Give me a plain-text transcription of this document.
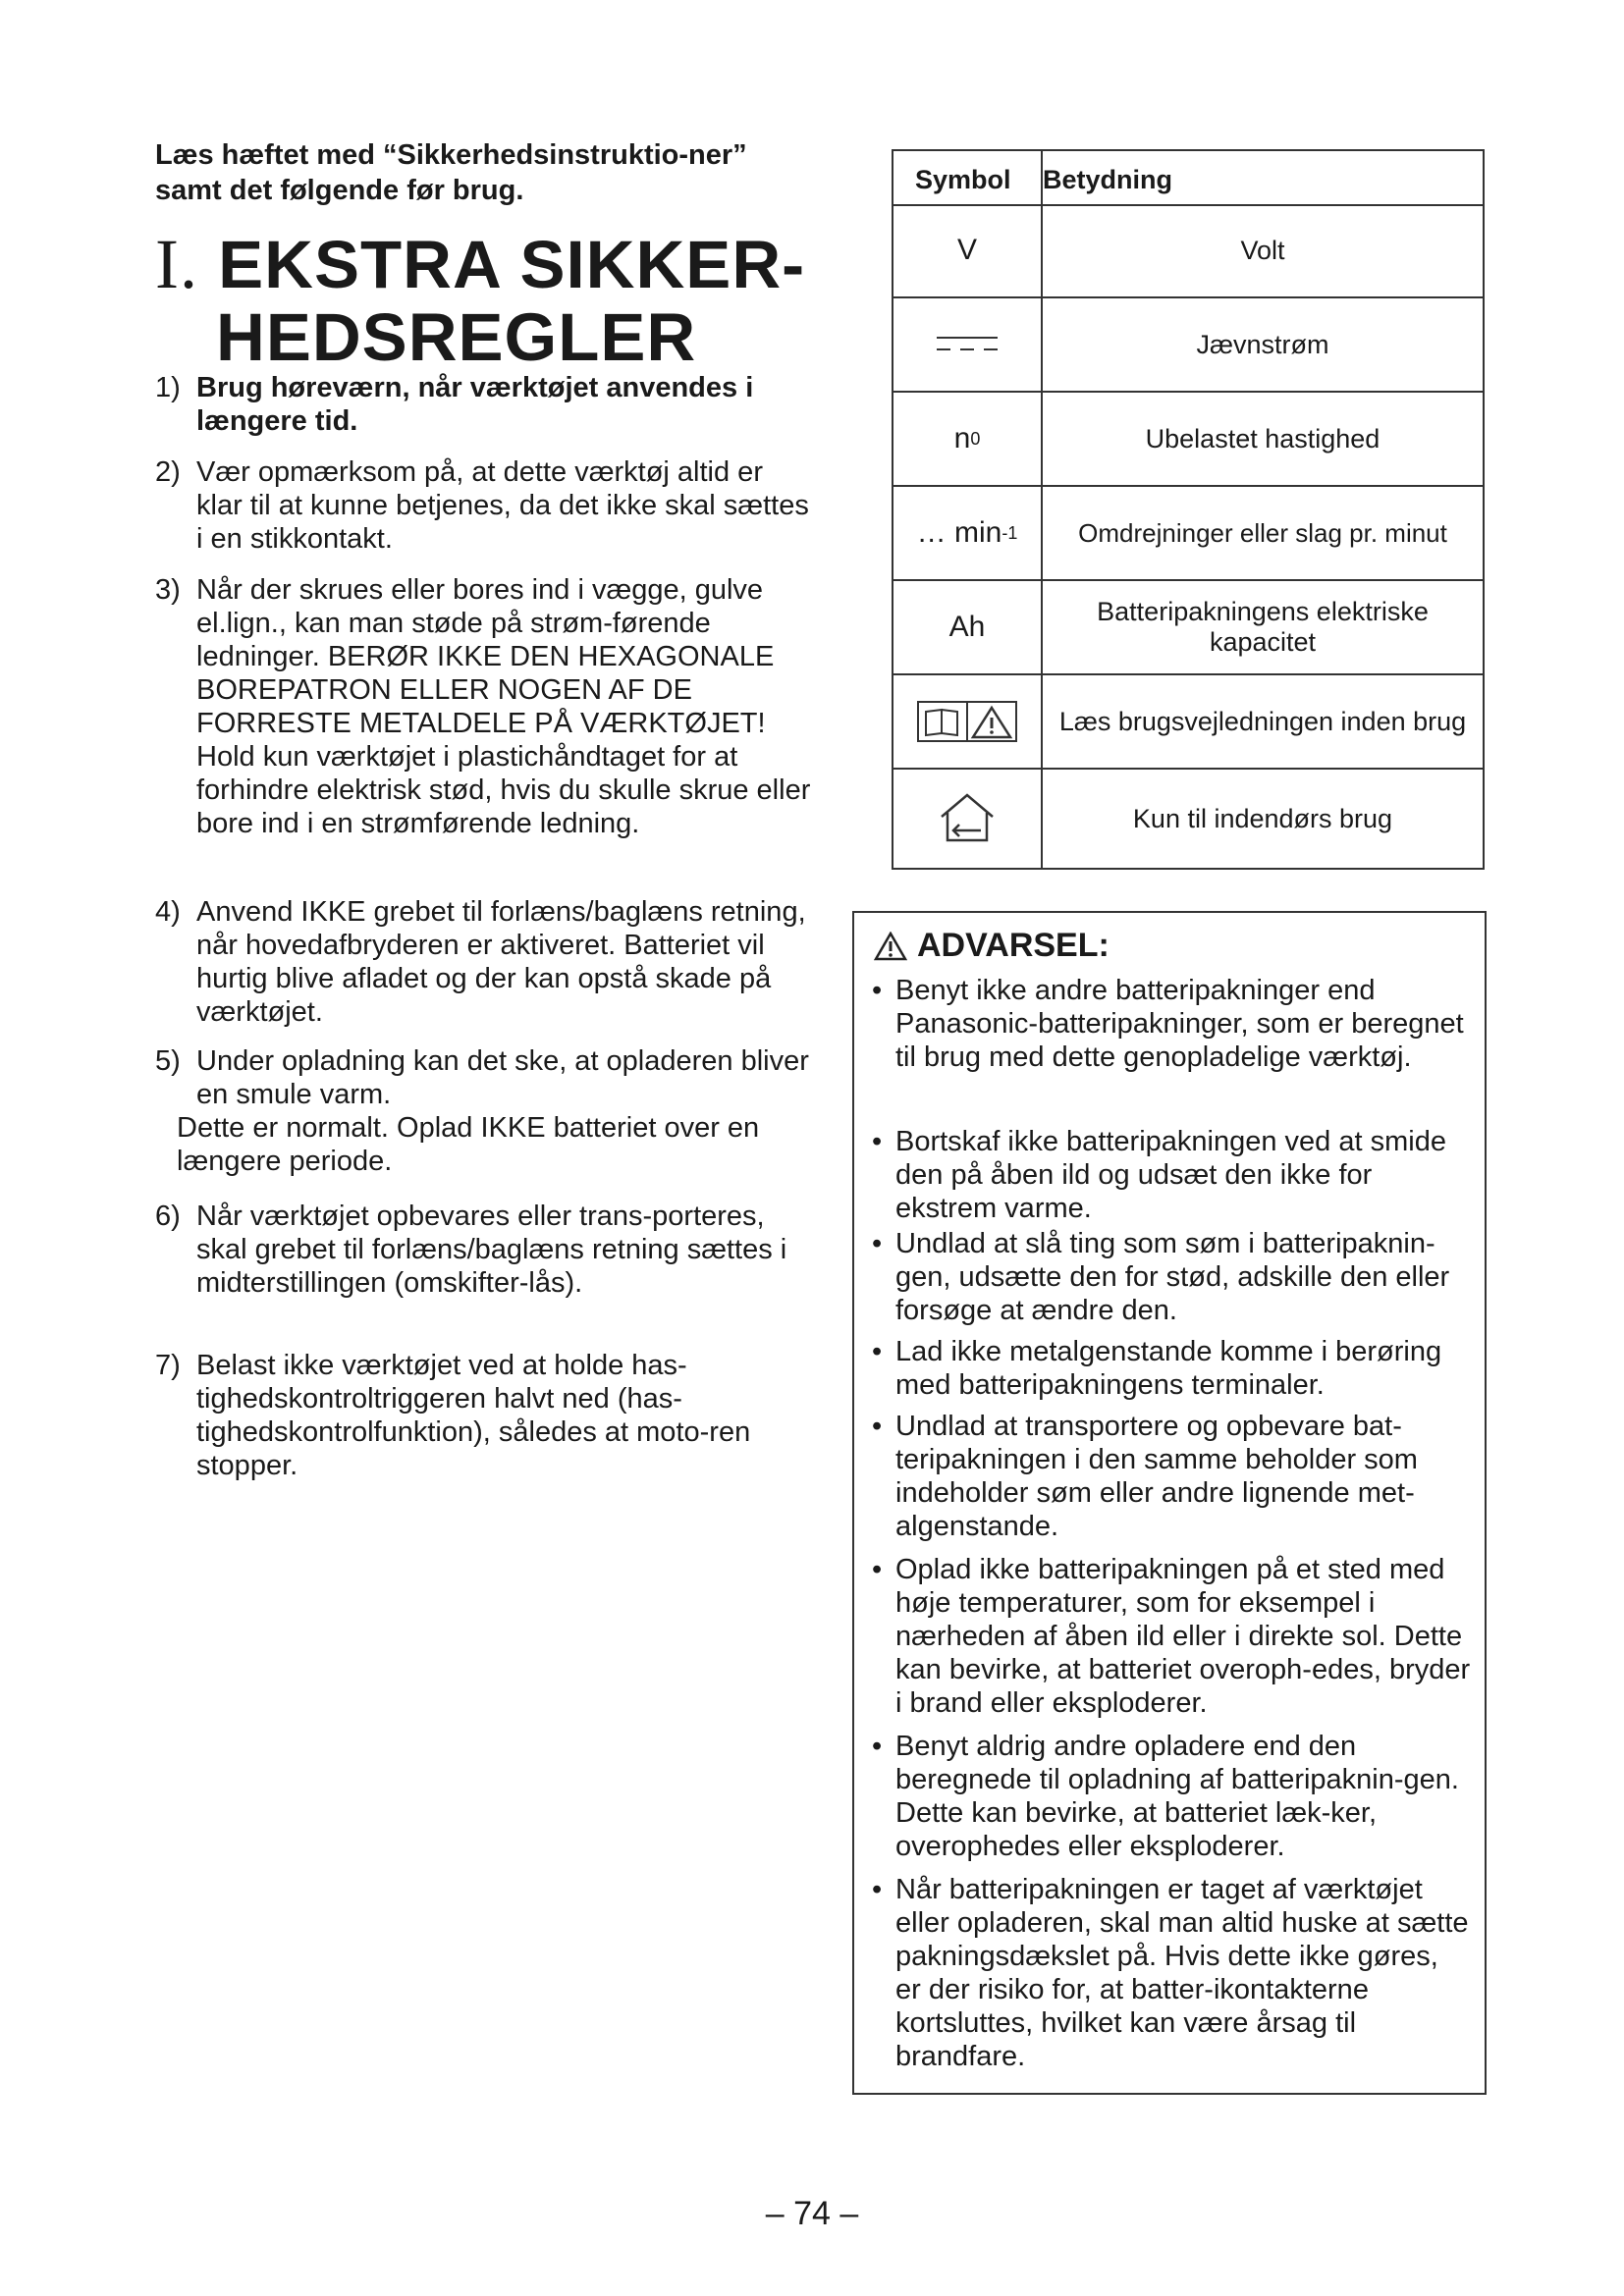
Læs hæftet med “Sikkerhedsinstruktio-ner” samt det følgende før brug.
I. EKSTRA SIKKER-
HEDSREGLER
1) Brug høreværn, når værktøjet anvendes i længere tid.
2) Vær opmærksom på, at dette værktøj altid er klar til at kunne betjenes, da det ikke skal sættes i en stikkontakt.
3) Når der skrues eller bores ind i vægge, gulve el.lign., kan man støde på strøm-førende ledninger. BERØR IKKE DEN HEXAGONALE BOREPATRON ELLER NOGEN AF DE FORRESTE METALDELE PÅ VÆRKTØJET! Hold kun værktøjet i plastichåndtaget for at forhindre elektrisk stød, hvis du skulle skrue eller bore ind i en strømførende ledning.
4) Anvend IKKE grebet til forlæns/baglæns retning, når hovedafbryderen er aktiveret. Batteriet vil hurtig blive afladet og der kan opstå skade på værktøjet.
5) Under opladning kan det ske, at opladeren bliver en smule varm.
Dette er normalt. Oplad IKKE batteriet over en længere periode.
6) Når værktøjet opbevares eller trans-porteres, skal grebet til forlæns/baglæns retning sættes i midterstillingen (omskifter-lås).
7) Belast ikke værktøjet ved at holde has-tighedskontroltriggeren halvt ned (has-tighedskontrolfunktion), således at moto-ren stopper.
Symbol Betydning
V	Volt
Jævnstrøm
n 0	Ubelastet hastighed
… min -1	Omdrejninger eller slag pr. minut
Ah	Batteripakningens elektriske kapacitet
Læs brugsvejledningen inden brug
Kun til indendørs brug
ADVARSEL:
• Benyt ikke andre batteripakninger end Panasonic-batteripakninger, som er beregnet til brug med dette genopladelige værktøj.
• Bortskaf ikke batteripakningen ved at smide den på åben ild og udsæt den ikke for ekstrem varme.
• Undlad at slå ting som søm i batteripaknin-gen, udsætte den for stød, adskille den eller forsøge at ændre den.
• Lad ikke metalgenstande komme i berøring med batteripakningens terminaler.
• Undlad at transportere og opbevare bat-teripakningen i den samme beholder som indeholder søm eller andre lignende met-algenstande.
• Oplad ikke batteripakningen på et sted med høje temperaturer, som for eksempel i nærheden af åben ild eller i direkte sol. Dette kan bevirke, at batteriet overoph-edes, bryder i brand eller eksploderer.
• Benyt aldrig andre opladere end den beregnede til opladning af batteripaknin-gen. Dette kan bevirke, at batteriet læk-ker, overophedes eller eksploderer.
• Når batteripakningen er taget af værktøjet eller opladeren, skal man altid huske at sætte pakningsdækslet på. Hvis dette ikke gøres, er der risiko for, at batter-ikontakterne kortsluttes, hvilket kan være årsag til brandfare.
– 74 –
